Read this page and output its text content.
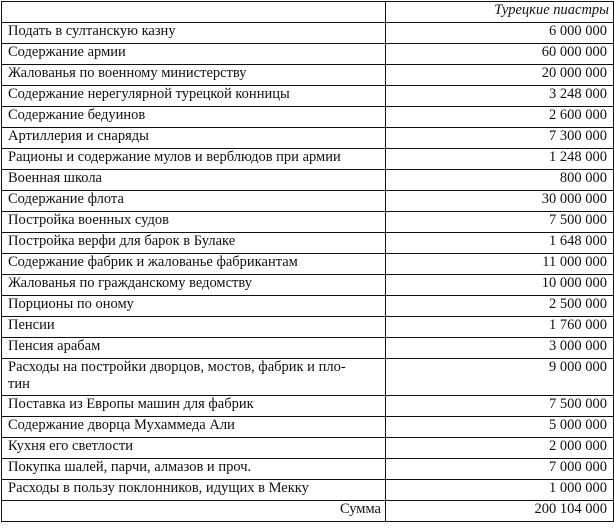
	Турецкие пиастры
Подать в султанскую казну	6 000 000
Содержание армии	60 000 000
Жалованья по военному министерству	20 000 000
Содержание нерегулярной турецкой конницы	3 248 000
Содержание бедуинов	2 600 000
Артиллерия и снаряды	7 300 000
Рационы и содержание мулов и верблюдов при армии	1 248 000
Военная школа	800 000
Содержание флота	30 000 000
Постройка военных судов	7 500 000
Постройка верфи для барок в Булаке	1 648 000
Содержание фабрик и жалованье фабрикантам	11 000 000
Жалованья по гражданскому ведомству	10 000 000
Порционы по оному	2 500 000
Пенсии	1 760 000
Пенсия арабам	3 000 000
Расходы на постройки дворцов, мостов, фабрик и пло-
тин	9 000 000
Поставка из Европы машин для фабрик	7 500 000
Содержание дворца Мухаммеда Али	5 000 000
Кухня его светлости	2 000 000
Покупка шалей, парчи, алмазов и проч.	7 000 000
Расходы в пользу поклонников, идущих в Мекку	1 000 000
Сумма	200 104 000
